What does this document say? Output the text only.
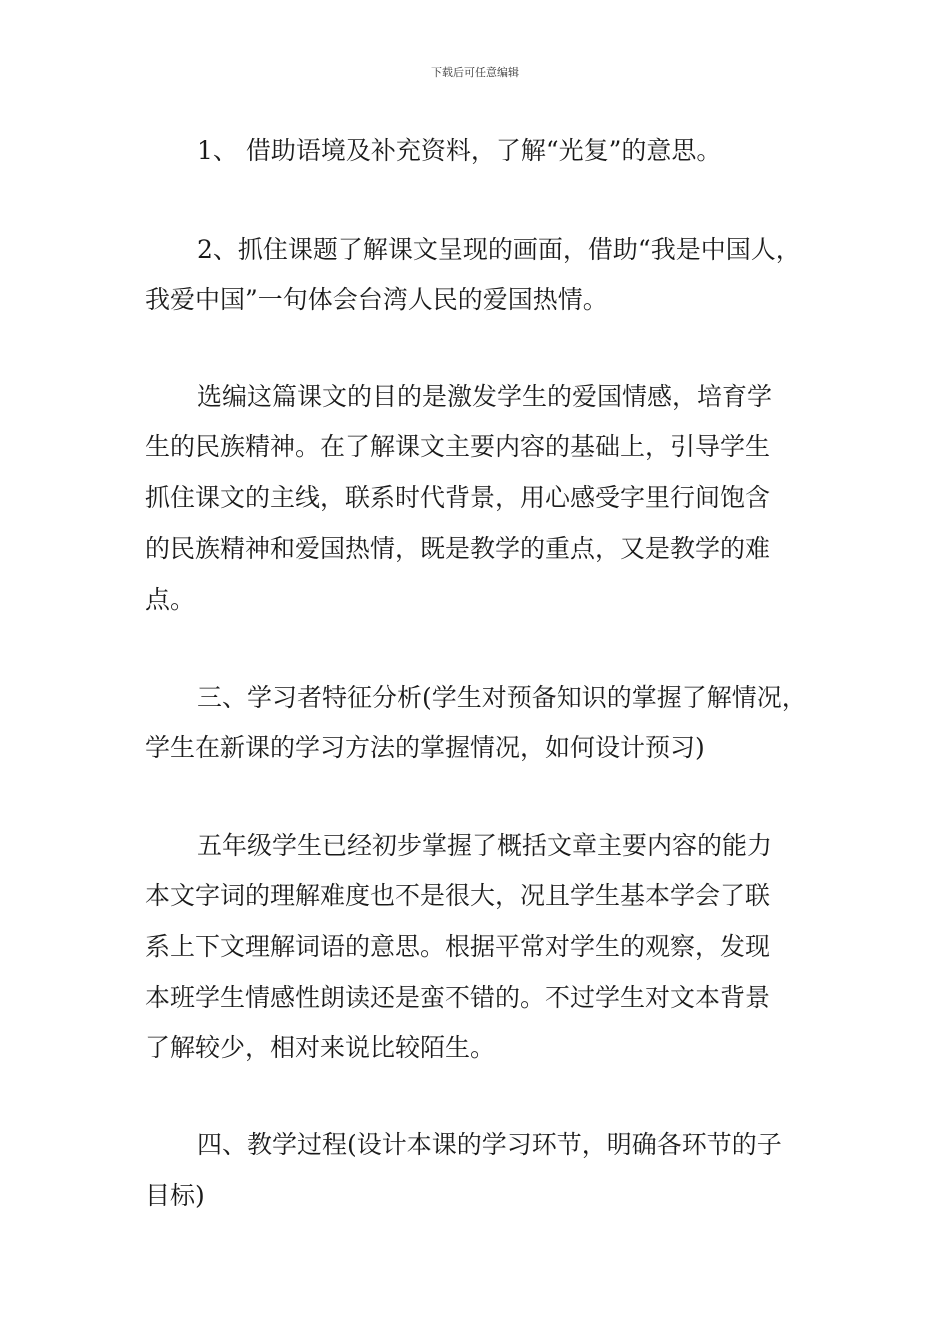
下载后可任意编辑
1、 借助语境及补充资料，了解“光复”的意思。
2、抓住课题了解课文呈现的画面，借助“我是中国人，
我爱中国”一句体会台湾人民的爱国热情。
选编这篇课文的目的是激发学生的爱国情感，培育学
生的民族精神。在了解课文主要内容的基础上，引导学生
抓住课文的主线，联系时代背景，用心感受字里行间饱含
的民族精神和爱国热情，既是教学的重点，又是教学的难
点。
三、学习者特征分析(学生对预备知识的掌握了解情况，
学生在新课的学习方法的掌握情况，如何设计预习)
五年级学生已经初步掌握了概括文章主要内容的能力
本文字词的理解难度也不是很大，况且学生基本学会了联
系上下文理解词语的意思。根据平常对学生的观察，发现
本班学生情感性朗读还是蛮不错的。不过学生对文本背景
了解较少，相对来说比较陌生。
四、教学过程(设计本课的学习环节，明确各环节的子
目标)
